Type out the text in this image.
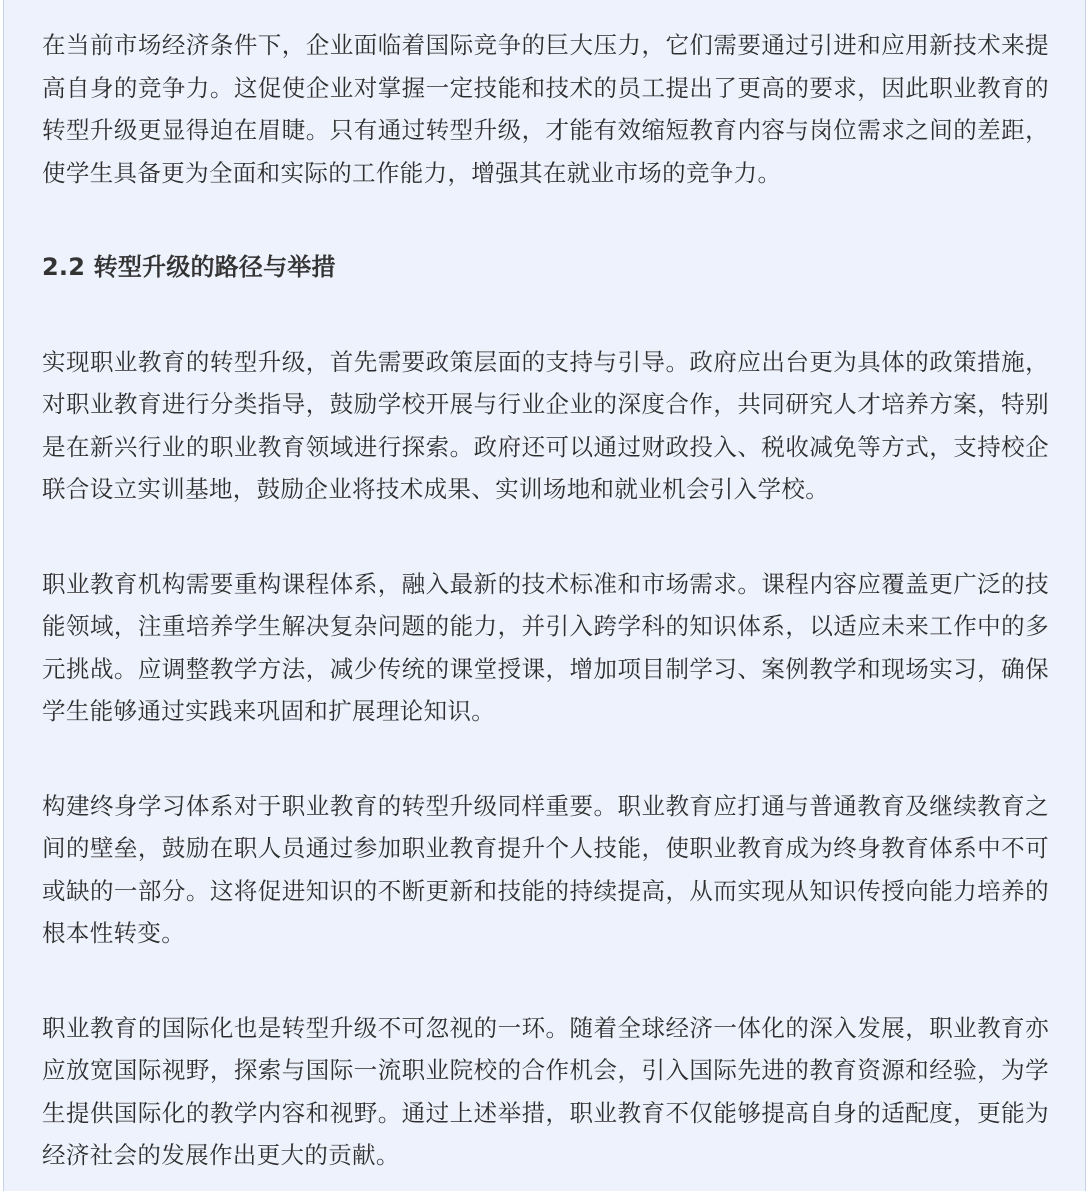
在当前市场经济条件下，企业面临着国际竞争的巨大压力，它们需要通过引进和应用新技术来提高自身的竞争力。这促使企业对掌握一定技能和技术的员工提出了更高的要求，因此职业教育的转型升级更显得迫在眉睫。只有通过转型升级，才能有效缩短教育内容与岗位需求之间的差距，使学生具备更为全面和实际的工作能力，增强其在就业市场的竞争力。

2.2 转型升级的路径与举措

实现职业教育的转型升级，首先需要政策层面的支持与引导。政府应出台更为具体的政策措施，对职业教育进行分类指导，鼓励学校开展与行业企业的深度合作，共同研究人才培养方案，特别是在新兴行业的职业教育领域进行探索。政府还可以通过财政投入、税收减免等方式，支持校企联合设立实训基地，鼓励企业将技术成果、实训场地和就业机会引入学校。

职业教育机构需要重构课程体系，融入最新的技术标准和市场需求。课程内容应覆盖更广泛的技能领域，注重培养学生解决复杂问题的能力，并引入跨学科的知识体系，以适应未来工作中的多元挑战。应调整教学方法，减少传统的课堂授课，增加项目制学习、案例教学和现场实习，确保学生能够通过实践来巩固和扩展理论知识。

构建终身学习体系对于职业教育的转型升级同样重要。职业教育应打通与普通教育及继续教育之间的壁垒，鼓励在职人员通过参加职业教育提升个人技能，使职业教育成为终身教育体系中不可或缺的一部分。这将促进知识的不断更新和技能的持续提高，从而实现从知识传授向能力培养的根本性转变。

职业教育的国际化也是转型升级不可忽视的一环。随着全球经济一体化的深入发展，职业教育亦应放宽国际视野，探索与国际一流职业院校的合作机会，引入国际先进的教育资源和经验，为学生提供国际化的教学内容和视野。通过上述举措，职业教育不仅能够提高自身的适配度，更能为经济社会的发展作出更大的贡献。
